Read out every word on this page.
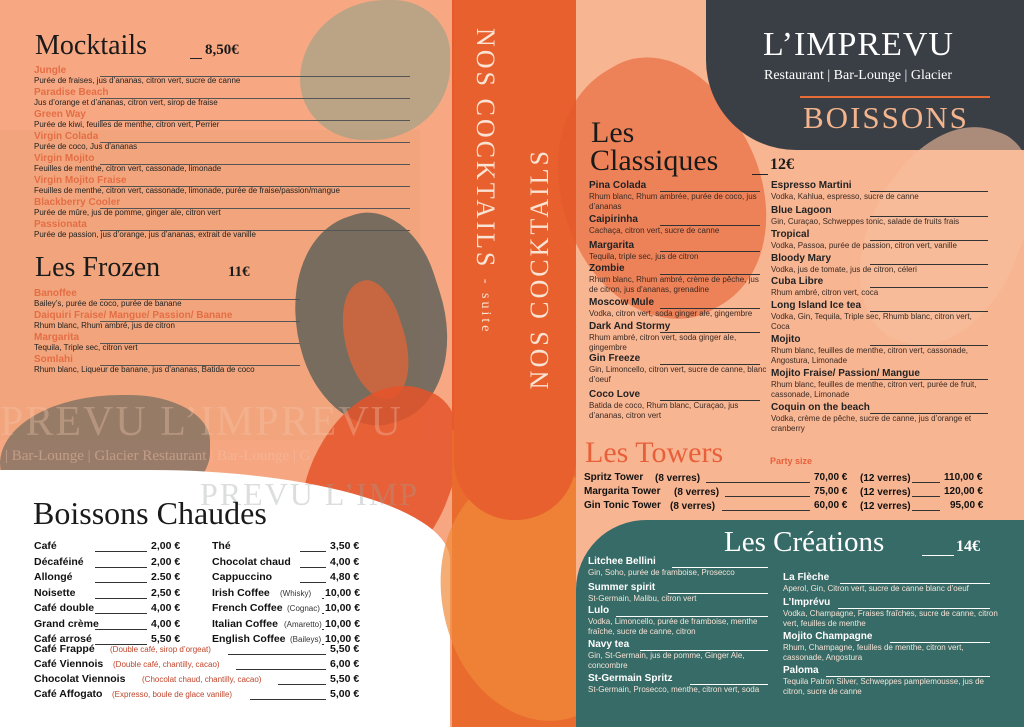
Mocktails	8,50€
Jungle
Purée de fraises, jus d’ananas, citron vert, sucre de canne
Paradise Beach
Jus d’orange et d’ananas, citron vert, sirop de fraise
Green Way
Purée de kiwi, feuilles de menthe, citron vert, Perrier
Virgin Colada
Purée de coco, Jus d’ananas
Virgin Mojito
Feuilles de menthe, citron vert, cassonade, limonade
Virgin Mojito Fraise
Feuilles de menthe, citron vert, cassonade, limonade, purée de fraise/passion/mangue
Blackberry Cooler
Purée de mûre, jus de pomme, ginger ale, citron vert
Passionata
Purée de passion, jus d’orange, jus d’ananas, extrait de vanille
Les Frozen	11€
Banoffee
Bailey’s, purée de coco, purée de banane
Daiquiri Fraise/ Mangue/ Passion/ Banane
Rhum blanc, Rhum ambré, jus de citron
Margarita
Tequila, Triple sec, citron vert
Somlahi
Rhum blanc, Liqueur de banane, jus d’ananas, Batida de coco
PREVU L’IMPREVU
| Bar-Lounge | Glacier Restaurant | Bar-Lounge | G
PREVU L’IMP
Boissons Chaudes
Café	2,00 €
Décaféiné	2,00 €
Allongé	2.50 €
Noisette	2,50 €
Café double	4,00 €
Grand crème	4,00 €
Café arrosé	5,50 €
Thé	3,50 €
Chocolat chaud	4,00 €
Cappuccino	4,80 €
Irish Coffee (Whisky) 10,00 €
French Coffee (Cognac) 10,00 €
Italian Coffee (Amaretto) 10,00 €
English Coffee (Baileys) 10,00 €
Café Frappé (Double café, sirop d’orgeat)	5,50 €
Café Viennois (Double café, chantilly, cacao)	6,00 €
Chocolat Viennois (Chocolat chaud, chantilly, cacao)	5,50 €
Café Affogato (Expresso, boule de glace vanille)	5,00 €
NOS COCKTAILS - suite NOS COCKTAILS
L’IMPREVU
Restaurant | Bar-Lounge | Glacier
BOISSONS
Les
Classiques	12€
Pina Colada
Rhum blanc, Rhum ambrée, purée de coco, jus d’ananas
Caipirinha
Cachaça, citron vert, sucre de canne
Margarita
Tequila, triple sec, jus de citron
Zombie
Rhum blanc, Rhum ambré, crème de pêche, jus de citron, jus d’ananas, grenadine
Moscow Mule
Vodka, citron vert, soda ginger ale, gingembre
Dark And Stormy
Rhum ambré, citron vert, soda ginger ale, gingembre
Gin Freeze
Gin, Limoncello, citron vert, sucre de canne, blanc d’oeuf
Coco Love
Batida de coco, Rhum blanc, Curaçao, jus d’ananas, citron vert
Espresso Martini
Vodka, Kahlua, espresso, sucre de canne
Blue Lagoon
Gin, Curaçao, Schweppes tonic, salade de fruits frais
Tropical
Vodka, Passoa, purée de passion, citron vert, vanille
Bloody Mary
Vodka, jus de tomate, jus de citron, céleri
Cuba Libre
Rhum ambré, citron vert, coca
Long Island Ice tea
Vodka, Gin, Tequila, Triple sec, Rhumb blanc, citron vert, Coca
Mojito
Rhum blanc, feuilles de menthe, citron vert, cassonade, Angostura, Limonade
Mojito Fraise/ Passion/ Mangue
Rhum blanc, feuilles de menthe, citron vert, purée de fruit, cassonade, Limonade
Coquin on the beach
Vodka, crème de pêche, sucre de canne, jus d’orange et cranberry
Les Towers	Party size
Spritz Tower (8 verres)	70,00 € (12 verres)	110,00 €
Margarita Tower (8 verres)	75,00 € (12 verres)	120,00 €
Gin Tonic Tower (8 verres)	60,00 € (12 verres)	95,00 €
Les Créations	14€
Litchee Bellini
Gin, Soho, purée de framboise, Prosecco
Summer spirit
St-Germain, Malibu, citron vert
Lulo
Vodka, Limoncello, purée de framboise, menthe fraîche, sucre de canne, citron
Navy tea
Gin, St-Germain, jus de pomme, Ginger Ale, concombre
St-Germain Spritz
St-Germain, Prosecco, menthe, citron vert, soda
La Flèche
Aperol, Gin, Citron vert, sucre de canne blanc d’oeuf
L’Imprévu
Vodka, Champagne, Fraises fraîches, sucre de canne, citron vert, feuilles de menthe
Mojito Champagne
Rhum, Champagne, feuilles de menthe, citron vert, cassonade, Angostura
Paloma
Tequila Patron Silver, Schweppes pamplemousse, jus de citron, sucre de canne
